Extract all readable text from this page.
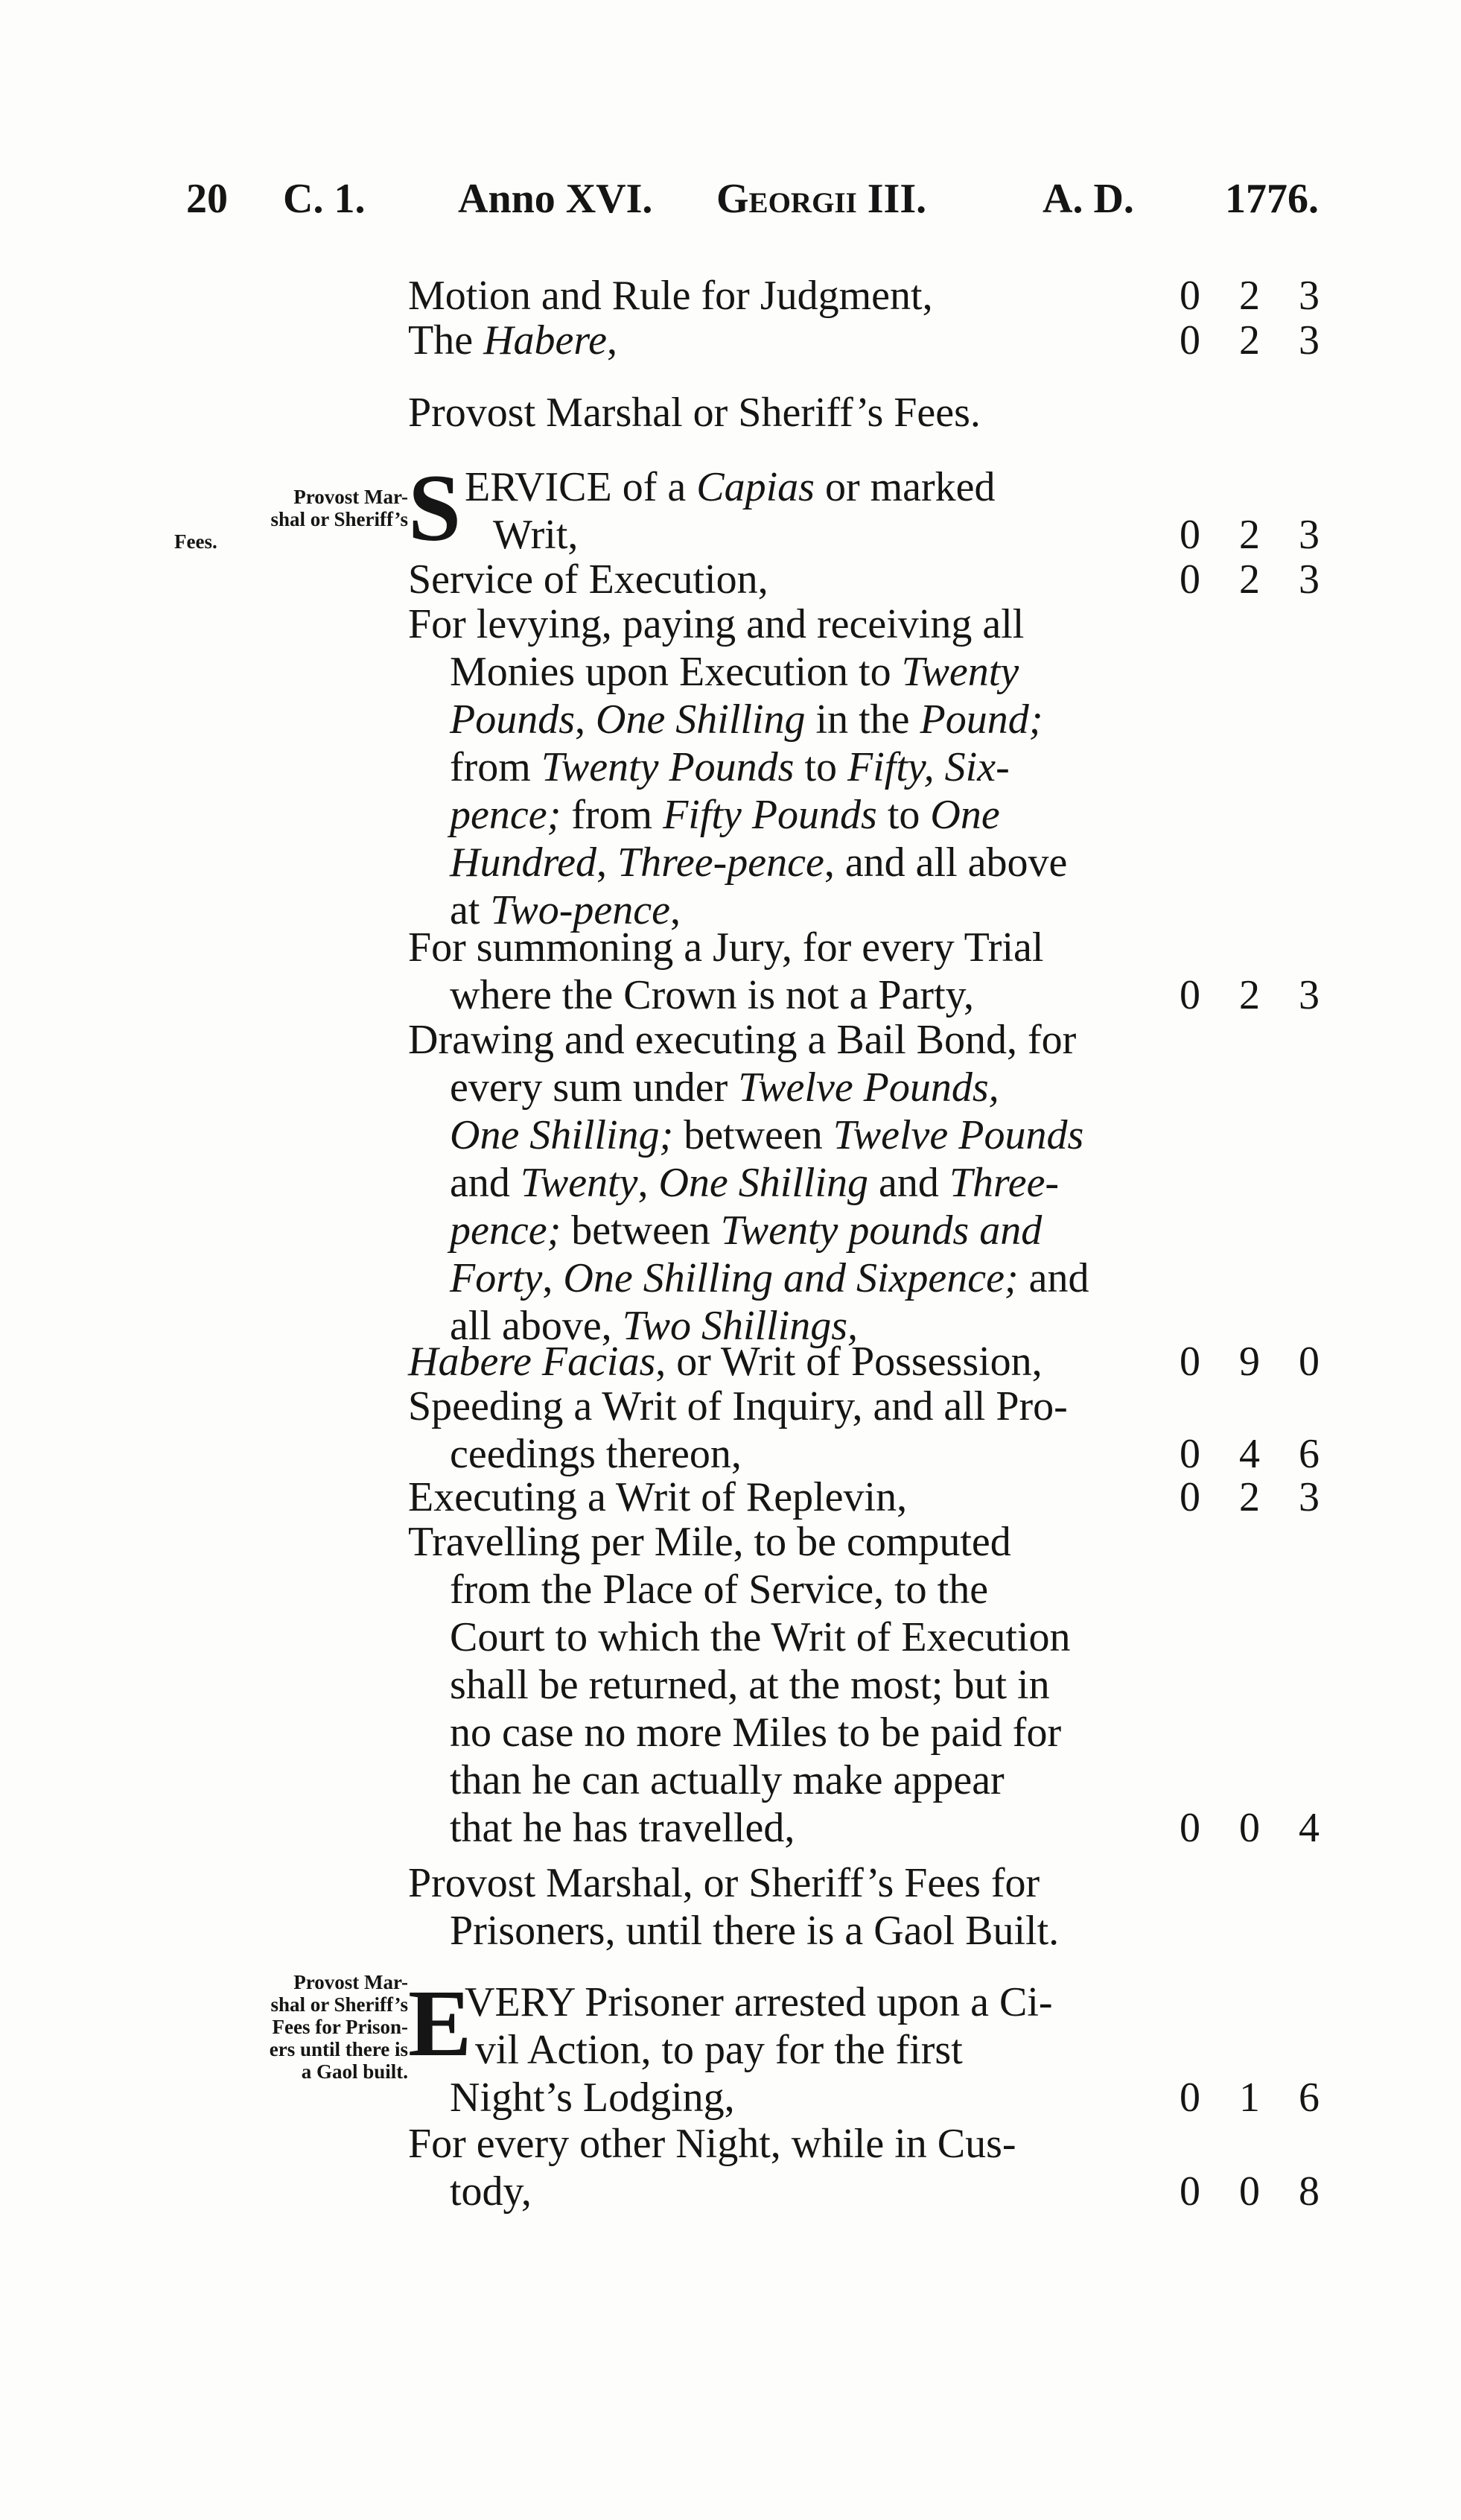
20 C. 1. Anno XVI. Georgii III.	A. D. 1776.
Motion and Rule for Judgment,	0 2 3
The Habere,	0 2 3
Provost Marshal or Sheriff’s Fees.
Provost Mar-
shal or Sheriff’s
Fees.	S ERVICE of a Capias or marked
Writ,	0 2 3
Service of Execution,	0 2 3
For levying, paying and receiving all
Monies upon Execution to Twenty
Pounds, One Shilling in the Pound;
from Twenty Pounds to Fifty, Six-
pence; from Fifty Pounds to One
Hundred, Three-pence, and all above
at Two-pence,
For summoning a Jury, for every Trial
where the Crown is not a Party,	0 2 3
Drawing and executing a Bail Bond, for
every sum under Twelve Pounds,
One Shilling; between Twelve Pounds
and Twenty, One Shilling and Three-
pence; between Twenty pounds and
Forty, One Shilling and Sixpence; and
all above, Two Shillings,
Habere Facias, or Writ of Possession,	0 9 0
Speeding a Writ of Inquiry, and all Pro-
ceedings thereon,	0 4 6
Executing a Writ of Replevin,	0 2 3
Travelling per Mile, to be computed
from the Place of Service, to the
Court to which the Writ of Execution
shall be returned, at the most; but in
no case no more Miles to be paid for
than he can actually make appear
that he has travelled,	0 0 4
Provost Marshal, or Sheriff’s Fees for
Prisoners, until there is a Gaol Built.
Provost Mar-
shal or Sheriff’s
Fees for Prison-
ers until there is
a Gaol built. E
VERY Prisoner arrested upon a Ci-
vil Action, to pay for the first
Night’s Lodging,	0 1 6
For every other Night, while in Cus-
tody,	0 0 8
